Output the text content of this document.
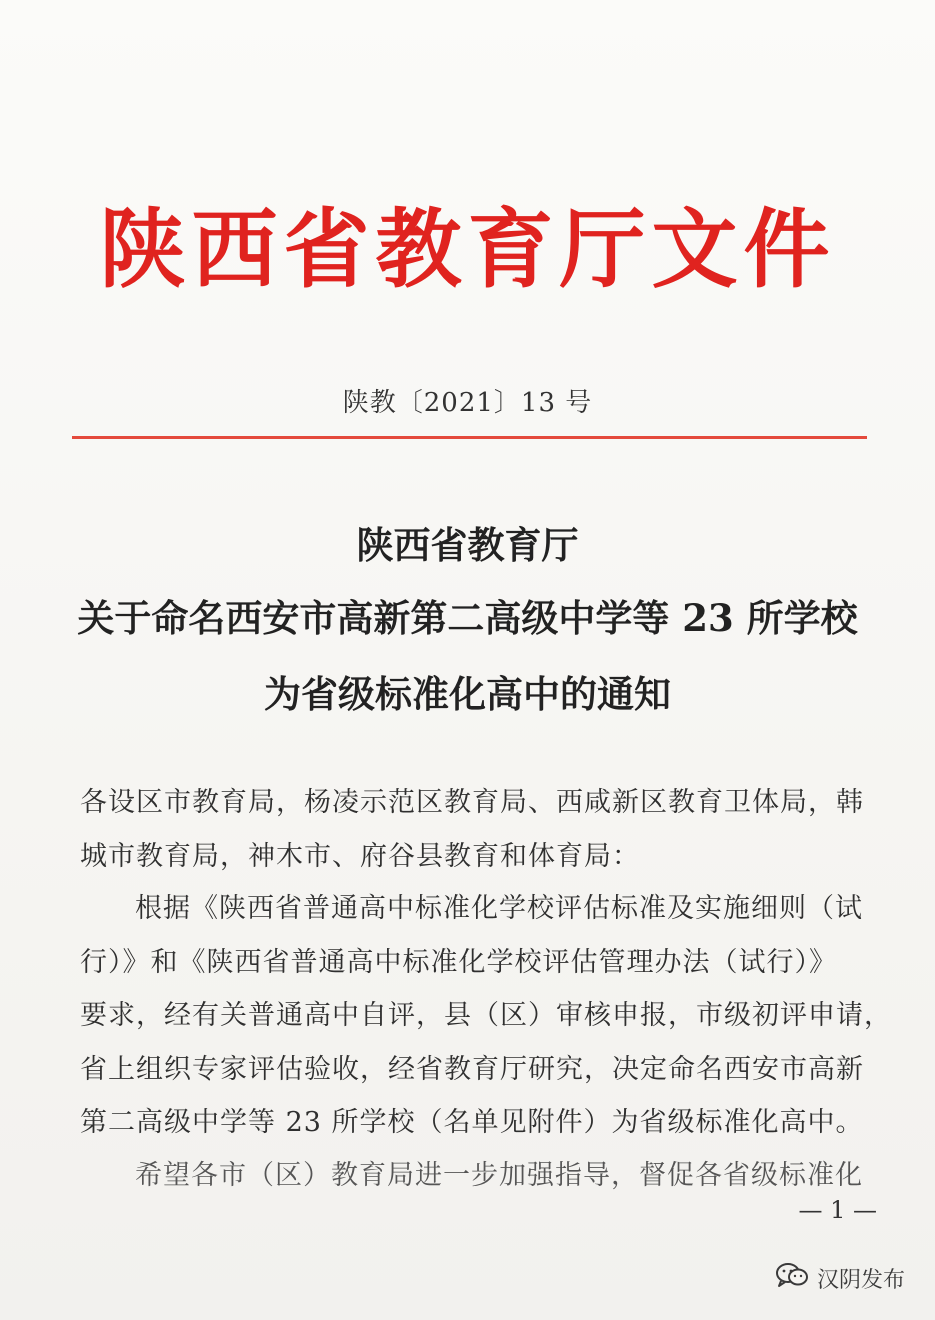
陕西省教育厅文件
陕教〔2021〕13 号
陕西省教育厅
关于命名西安市高新第二高级中学等 23 所学校
为省级标准化高中的通知
各设区市教育局，杨凌示范区教育局、西咸新区教育卫体局，韩
城市教育局，神木市、府谷县教育和体育局：
根据《陕西省普通高中标准化学校评估标准及实施细则（试
行）》和《陕西省普通高中标准化学校评估管理办法（试行）》
要求，经有关普通高中自评，县（区）审核申报，市级初评申请，
省上组织专家评估验收，经省教育厅研究，决定命名西安市高新
第二高级中学等 23 所学校（名单见附件）为省级标准化高中。
希望各市（区）教育局进一步加强指导，督促各省级标准化
— 1 —
汉阴发布
